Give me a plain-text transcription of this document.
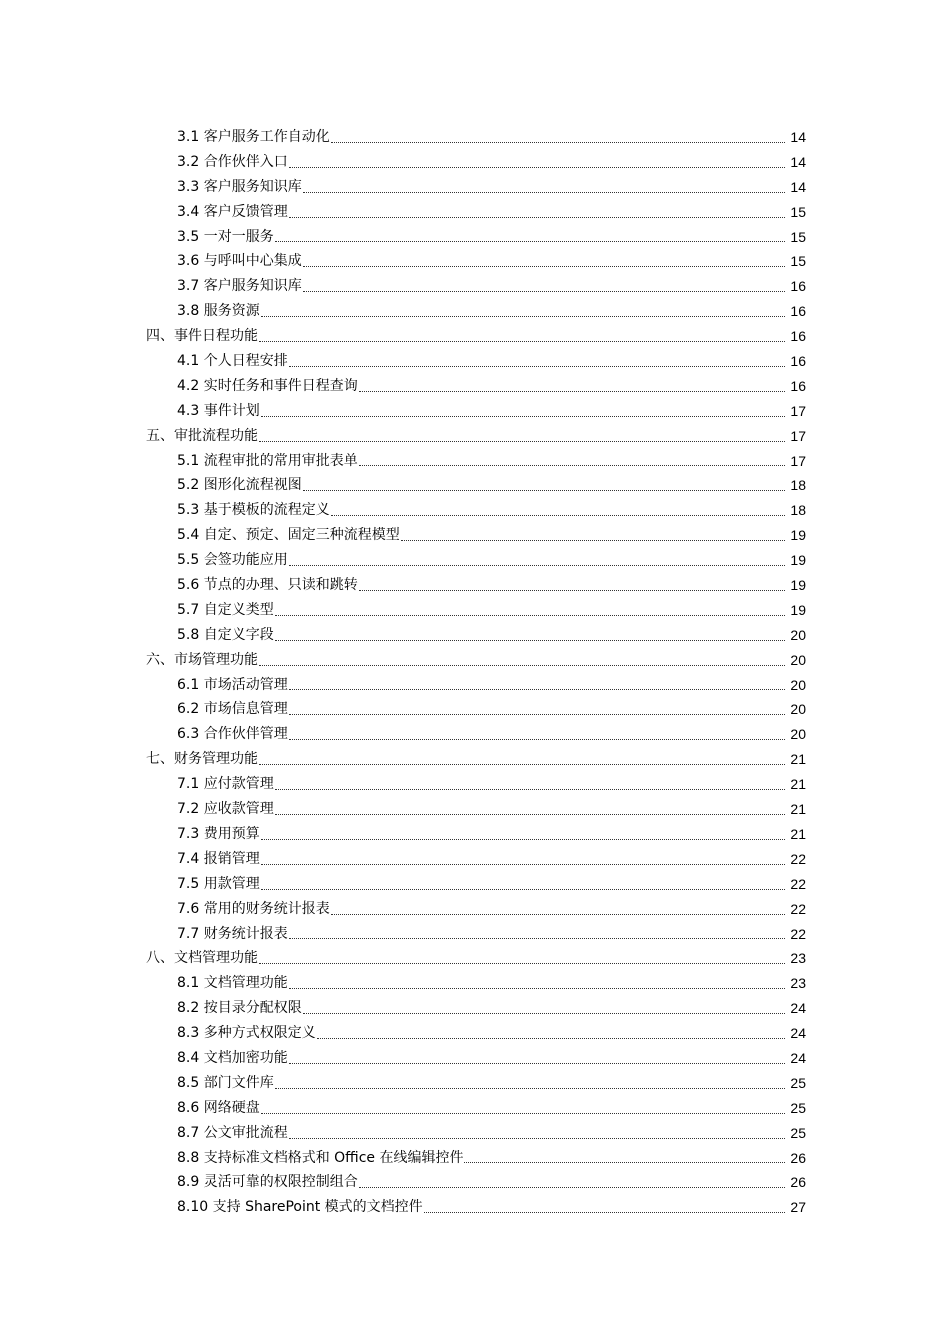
3.1 客户服务工作自动化	14
3.2 合作伙伴入口	14
3.3 客户服务知识库	14
3.4 客户反馈管理	15
3.5 一对一服务	15
3.6 与呼叫中心集成	15
3.7 客户服务知识库	16
3.8 服务资源	16
四、事件日程功能	16
4.1 个人日程安排	16
4.2 实时任务和事件日程查询	16
4.3 事件计划	17
五、审批流程功能	17
5.1 流程审批的常用审批表单	17
5.2 图形化流程视图	18
5.3 基于模板的流程定义	18
5.4 自定、预定、固定三种流程模型	19
5.5 会签功能应用	19
5.6 节点的办理、只读和跳转	19
5.7 自定义类型	19
5.8 自定义字段	20
六、市场管理功能	20
6.1 市场活动管理	20
6.2 市场信息管理	20
6.3 合作伙伴管理	20
七、财务管理功能	21
7.1 应付款管理	21
7.2 应收款管理	21
7.3 费用预算	21
7.4 报销管理	22
7.5 用款管理	22
7.6 常用的财务统计报表	22
7.7 财务统计报表	22
八、文档管理功能	23
8.1 文档管理功能	23
8.2 按目录分配权限	24
8.3 多种方式权限定义	24
8.4 文档加密功能	24
8.5 部门文件库	25
8.6 网络硬盘	25
8.7 公文审批流程	25
8.8 支持标准文档格式和 Office 在线编辑控件	26
8.9 灵活可靠的权限控制组合	26
8.10 支持 SharePoint 模式的文档控件	27
